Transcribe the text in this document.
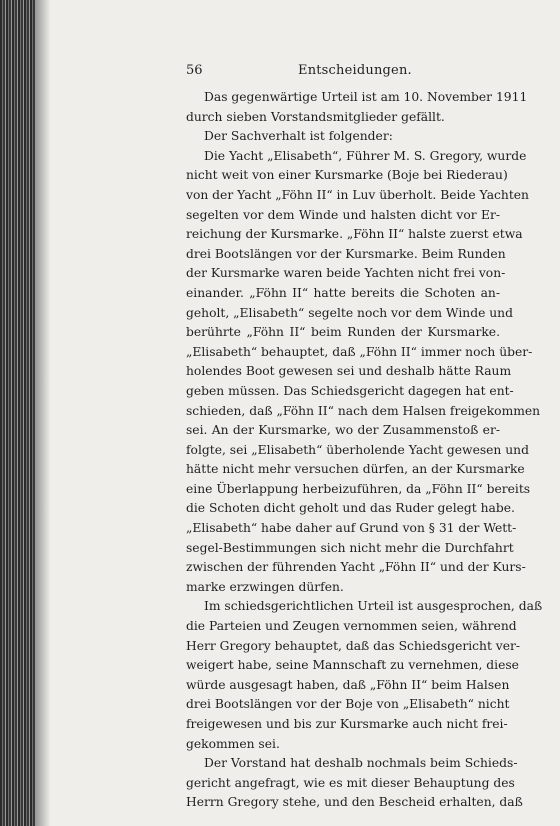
56	Entscheidungen.
Das gegenwärtige Urteil ist am 10. November 1911
durch sieben Vorstandsmitglieder gefällt.
Der Sachverhalt ist folgender:
Die Yacht „Elisabeth“, Führer M. S. Gregory, wurde
nicht weit von einer Kursmarke (Boje bei Riederau)
von der Yacht „Föhn II“ in Luv überholt. Beide Yachten
segelten vor dem Winde und halsten dicht vor Er-
reichung der Kursmarke. „Föhn II“ halste zuerst etwa
drei Bootslängen vor der Kursmarke. Beim Runden
der Kursmarke waren beide Yachten nicht frei von-
einander. „Föhn II“ hatte bereits die Schoten an-
geholt, „Elisabeth“ segelte noch vor dem Winde und
berührte „Föhn II“ beim Runden der Kursmarke.
„Elisabeth“ behauptet, daß „Föhn II“ immer noch über-
holendes Boot gewesen sei und deshalb hätte Raum
geben müssen. Das Schiedsgericht dagegen hat ent-
schieden, daß „Föhn II“ nach dem Halsen freigekommen
sei. An der Kursmarke, wo der Zusammenstoß er-
folgte, sei „Elisabeth“ überholende Yacht gewesen und
hätte nicht mehr versuchen dürfen, an der Kursmarke
eine Überlappung herbeizuführen, da „Föhn II“ bereits
die Schoten dicht geholt und das Ruder gelegt habe.
„Elisabeth“ habe daher auf Grund von § 31 der Wett-
segel-Bestimmungen sich nicht mehr die Durchfahrt
zwischen der führenden Yacht „Föhn II“ und der Kurs-
marke erzwingen dürfen.
Im schiedsgerichtlichen Urteil ist ausgesprochen, daß
die Parteien und Zeugen vernommen seien, während
Herr Gregory behauptet, daß das Schiedsgericht ver-
weigert habe, seine Mannschaft zu vernehmen, diese
würde ausgesagt haben, daß „Föhn II“ beim Halsen
drei Bootslängen vor der Boje von „Elisabeth“ nicht
freigewesen und bis zur Kursmarke auch nicht frei-
gekommen sei.
Der Vorstand hat deshalb nochmals beim Schieds-
gericht angefragt, wie es mit dieser Behauptung des
Herrn Gregory stehe, und den Bescheid erhalten, daß
